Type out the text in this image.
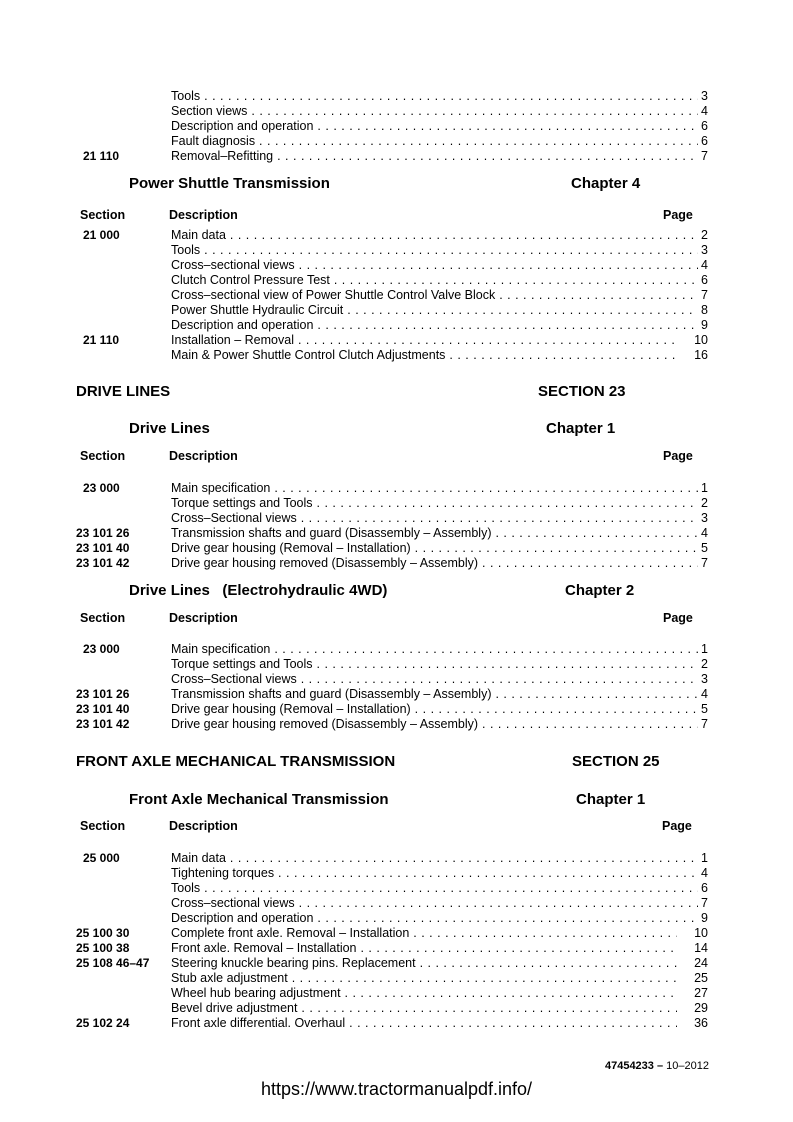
Tools . . .	3
Section views . . .	4
Description and operation . . .	6
Fault diagnosis . . .	6
21 110	Removal–Refitting . . .	7
Power Shuttle Transmission	Chapter 4
Section	Description	Page
21 000	Main data . . .	2
Tools . . .	3
Cross–sectional views . . .	4
Clutch Control Pressure Test . . .	6
Cross–sectional view of Power Shuttle Control Valve Block . . .	7
Power Shuttle Hydraulic Circuit . . .	8
Description and operation . . .	9
21 110	Installation – Removal . . .	10
Main & Power Shuttle Control Clutch Adjustments . . .	16
DRIVE LINES	SECTION 23
Drive Lines	Chapter 1
Section	Description	Page
23 000	Main specification . . .	1
Torque settings and Tools . . .	2
Cross–Sectional views . . .	3
23 101 26	Transmission shafts and guard (Disassembly – Assembly) . . .	4
23 101 40	Drive gear housing (Removal – Installation) . . .	5
23 101 42	Drive gear housing removed (Disassembly – Assembly) . . .	7
Drive Lines   (Electrohydraulic 4WD)	Chapter 2
Section	Description	Page
23 000	Main specification . . .	1
Torque settings and Tools . . .	2
Cross–Sectional views . . .	3
23 101 26	Transmission shafts and guard (Disassembly – Assembly) . . .	4
23 101 40	Drive gear housing (Removal – Installation) . . .	5
23 101 42	Drive gear housing removed (Disassembly – Assembly) . . .	7
FRONT AXLE MECHANICAL TRANSMISSION	SECTION 25
Front Axle Mechanical Transmission	Chapter 1
Section	Description	Page
25 000	Main data . . .	1
Tightening torques . . .	4
Tools . . .	6
Cross–sectional views . . .	7
Description and operation . . .	9
25 100 30	Complete front axle. Removal – Installation . . .	10
25 100 38	Front axle. Removal – Installation . . .	14
25 108 46–47	Steering knuckle bearing pins. Replacement . . .	24
Stub axle adjustment . . .	25
Wheel hub bearing adjustment . . .	27
Bevel drive adjustment . . .	29
25 102 24	Front axle differential. Overhaul . . .	36
47454233 – 10–2012
https://www.tractormanualpdf.info/
